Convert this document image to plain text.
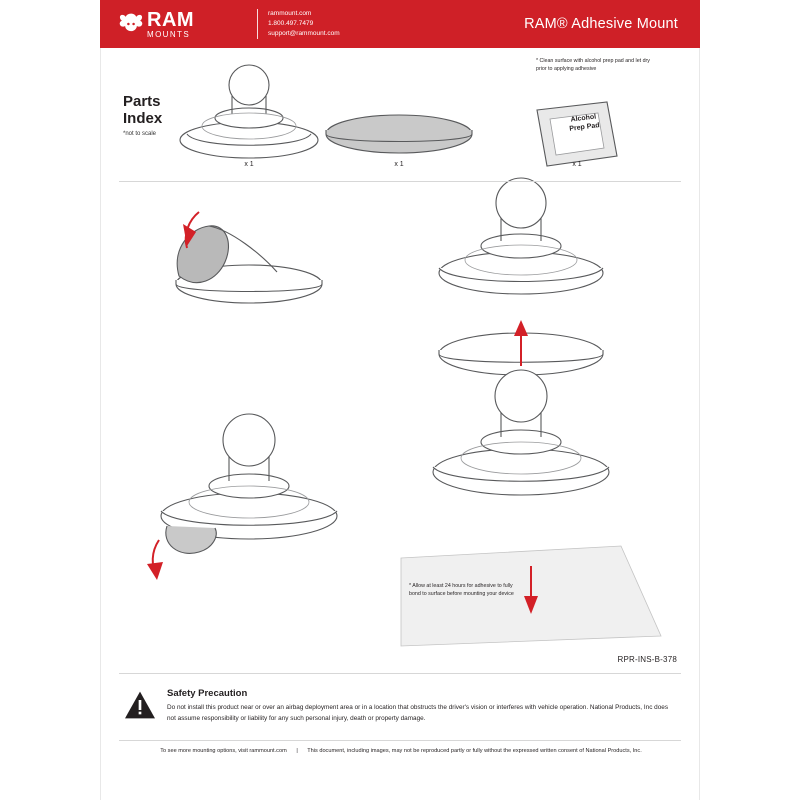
RAM
MOUNTS
rammount.com
1.800.497.7479
support@rammount.com
RAM® Adhesive Mount
Parts
Index
*not to scale
* Clean surface with alcohol prep pad and let dry prior to applying adhesive
x 1	x 1	x 1
Alcohol
Prep Pad
* Allow at least 24 hours for adhesive to fully bond to surface before mounting your device
RPR-INS-B-378
Safety Precaution
Do not install this product near or over an airbag deployment area or in a location that obstructs the driver's vision or interferes with vehicle operation. National Products, Inc does not assume responsibility or liability for any such personal injury, death or property damage.
To see more mounting options, visit rammount.com | This document, including images, may not be reproduced partly or fully without the expressed written consent of National Products, Inc.
